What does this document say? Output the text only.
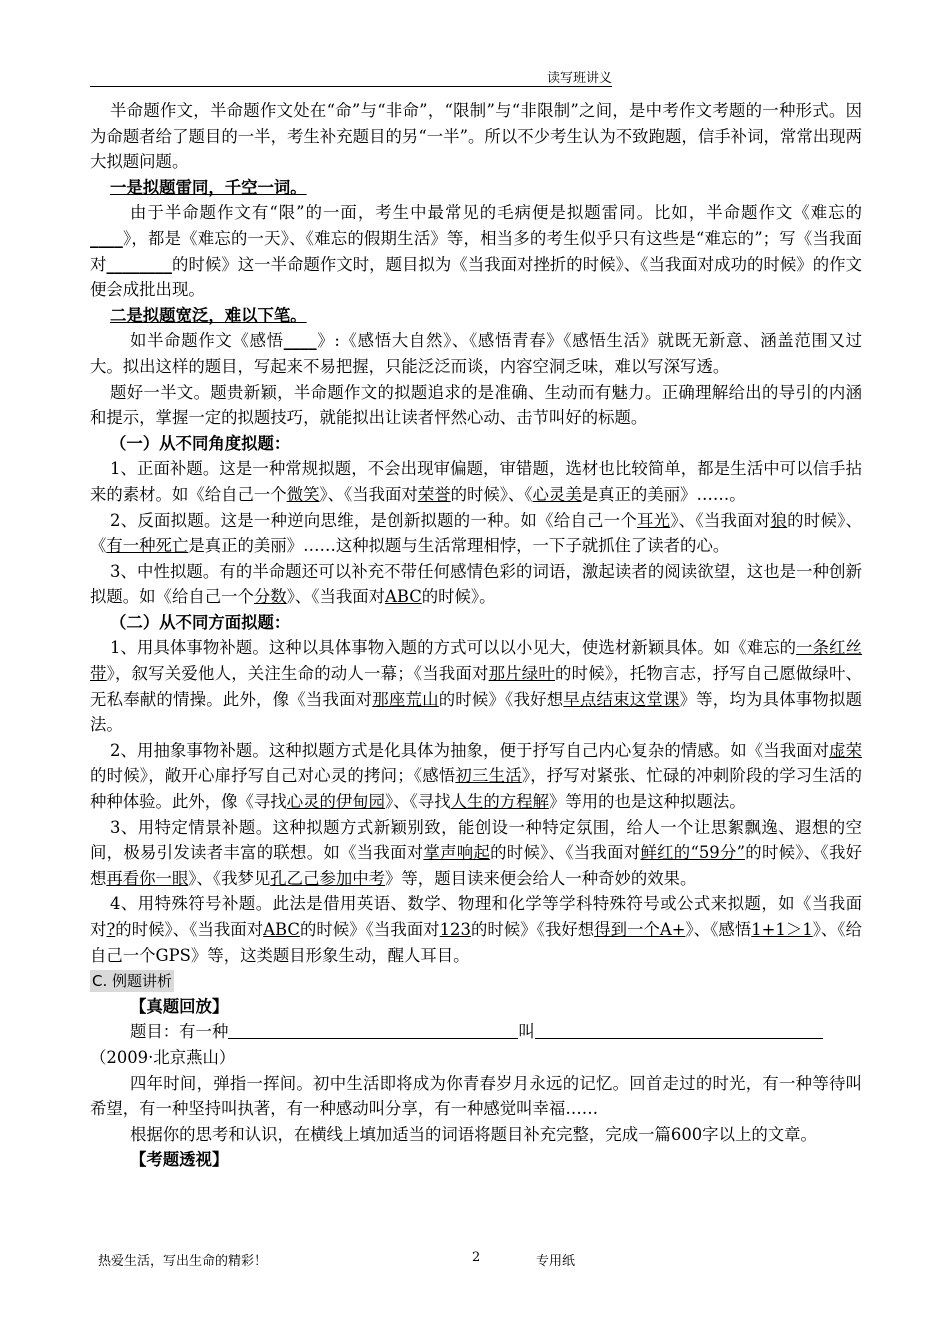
读写班讲义

半命题作文，半命题作文处在“命”与“非命”，“限制”与“非限制”之间，是中考作文考题的一种形式。因为命题者给了题目的一半，考生补充题目的另“一半”。所以不少考生认为不致跑题，信手补词，常常出现两大拟题问题。

一是拟题雷同，千空一词。

由于半命题作文有“限”的一面，考生中最常见的毛病便是拟题雷同。比如，半命题作文《难忘的____》，都是《难忘的一天》、《难忘的假期生活》等，相当多的考生似乎只有这些是“难忘的”；写《当我面对________的时候》这一半命题作文时，题目拟为《当我面对挫折的时候》、《当我面对成功的时候》的作文便会成批出现。

二是拟题宽泛，难以下笔。

如半命题作文《感悟____》:《感悟大自然》、《感悟青春》《感悟生活》就既无新意、涵盖范围又过大。拟出这样的题目，写起来不易把握，只能泛泛而谈，内容空洞乏味，难以写深写透。

题好一半文。题贵新颖，半命题作文的拟题追求的是准确、生动而有魅力。正确理解给出的导引的内涵和提示，掌握一定的拟题技巧，就能拟出让读者怦然心动、击节叫好的标题。

（一）从不同角度拟题：

1、正面补题。这是一种常规拟题，不会出现审偏题，审错题，选材也比较简单，都是生活中可以信手拈来的素材。如《给自己一个微笑》、《当我面对荣誉的时候》、《心灵美是真正的美丽》……。

2、反面拟题。这是一种逆向思维，是创新拟题的一种。如《给自己一个耳光》、《当我面对狼的时候》、《有一种死亡是真正的美丽》……这种拟题与生活常理相悖，一下子就抓住了读者的心。

3、中性拟题。有的半命题还可以补充不带任何感情色彩的词语，激起读者的阅读欲望，这也是一种创新拟题。如《给自己一个分数》、《当我面对ABC的时候》。

（二）从不同方面拟题：

1、用具体事物补题。这种以具体事物入题的方式可以以小见大，使选材新颖具体。如《难忘的一条红丝带》，叙写关爱他人，关注生命的动人一幕；《当我面对那片绿叶的时候》，托物言志，抒写自己愿做绿叶、无私奉献的情操。此外，像《当我面对那座荒山的时候》《我好想早点结束这堂课》等，均为具体事物拟题法。

2、用抽象事物补题。这种拟题方式是化具体为抽象，便于抒写自己内心复杂的情感。如《当我面对虚荣的时候》，敞开心扉抒写自己对心灵的拷问；《感悟初三生活》，抒写对紧张、忙碌的冲刺阶段的学习生活的种种体验。此外，像《寻找心灵的伊甸园》、《寻找人生的方程解》等用的也是这种拟题法。

3、用特定情景补题。这种拟题方式新颖别致，能创设一种特定氛围，给人一个让思絮飘逸、遐想的空间，极易引发读者丰富的联想。如《当我面对掌声响起的时候》、《当我面对鲜红的“59分”的时候》、《我好想再看你一眼》、《我梦见孔乙己参加中考》等，题目读来便会给人一种奇妙的效果。

4、用特殊符号补题。此法是借用英语、数学、物理和化学等学科特殊符号或公式来拟题，如《当我面对?的时候》、《当我面对ABC的时候》《当我面对123的时候》《我好想得到一个A+》、《感悟1+1＞1》、《给自己一个GPS》等，这类题目形象生动，醒人耳目。

C. 例题讲析

【真题回放】

题目：有一种	叫

（2009·北京燕山）

四年时间，弹指一挥间。初中生活即将成为你青春岁月永远的记忆。回首走过的时光，有一种等待叫希望，有一种坚持叫执著，有一种感动叫分享，有一种感觉叫幸福……

根据你的思考和认识，在横线上填加适当的词语将题目补充完整，完成一篇600字以上的文章。

【考题透视】

热爱生活，写出生命的精彩！	2	专用纸
